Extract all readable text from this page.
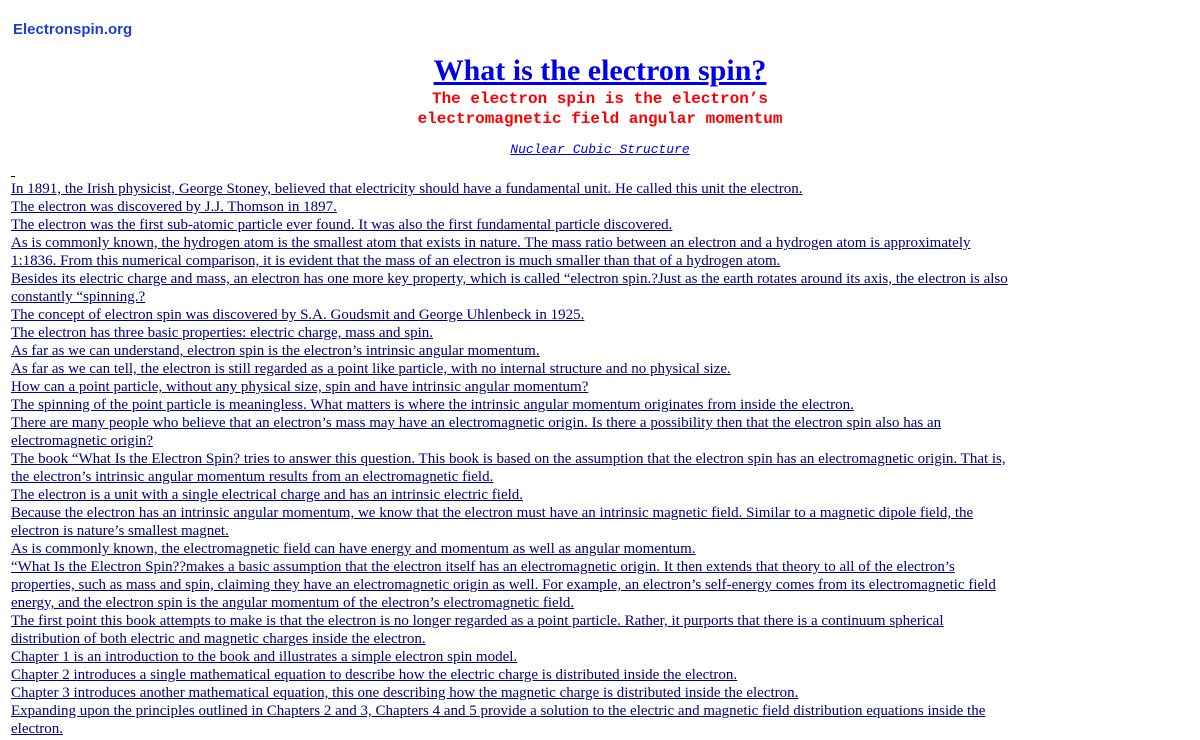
Electronspin.org
What is the electron spin?
The electron spin is the electron’s
electromagnetic field angular momentum
Nuclear Cubic Structure
In 1891, the Irish physicist, George Stoney, believed that electricity should have a fundamental unit. He called this unit the electron.
The electron was discovered by J.J. Thomson in 1897.
The electron was the first sub-atomic particle ever found. It was also the first fundamental particle discovered.
As is commonly known, the hydrogen atom is the smallest atom that exists in nature. The mass ratio between an electron and a hydrogen atom is approximately 1:1836. From this numerical comparison, it is evident that the mass of an electron is much smaller than that of a hydrogen atom.
Besides its electric charge and mass, an electron has one more key property, which is called “electron spin.?Just as the earth rotates around its axis, the electron is also constantly “spinning.?
The concept of electron spin was discovered by S.A. Goudsmit and George Uhlenbeck in 1925.
The electron has three basic properties: electric charge, mass and spin.
As far as we can understand, electron spin is the electron’s intrinsic angular momentum.
As far as we can tell, the electron is still regarded as a point like particle, with no internal structure and no physical size.
How can a point particle, without any physical size, spin and have intrinsic angular momentum?
The spinning of the point particle is meaningless. What matters is where the intrinsic angular momentum originates from inside the electron.
There are many people who believe that an electron’s mass may have an electromagnetic origin. Is there a possibility then that the electron spin also has an electromagnetic origin?
The book “What Is the Electron Spin? tries to answer this question. This book is based on the assumption that the electron spin has an electromagnetic origin. That is, the electron’s intrinsic angular momentum results from an electromagnetic field.
The electron is a unit with a single electrical charge and has an intrinsic electric field.
Because the electron has an intrinsic angular momentum, we know that the electron must have an intrinsic magnetic field. Similar to a magnetic dipole field, the electron is nature’s smallest magnet.
As is commonly known, the electromagnetic field can have energy and momentum as well as angular momentum.
“What Is the Electron Spin??makes a basic assumption that the electron itself has an electromagnetic origin. It then extends that theory to all of the electron’s properties, such as mass and spin, claiming they have an electromagnetic origin as well. For example, an electron’s self-energy comes from its electromagnetic field energy, and the electron spin is the angular momentum of the electron’s electromagnetic field.
The first point this book attempts to make is that the electron is no longer regarded as a point particle. Rather, it purports that there is a continuum spherical distribution of both electric and magnetic charges inside the electron.
Chapter 1 is an introduction to the book and illustrates a simple electron spin model.
Chapter 2 introduces a single mathematical equation to describe how the electric charge is distributed inside the electron.
Chapter 3 introduces another mathematical equation, this one describing how the magnetic charge is distributed inside the electron.
Expanding upon the principles outlined in Chapters 2 and 3, Chapters 4 and 5 provide a solution to the electric and magnetic field distribution equations inside the electron.
